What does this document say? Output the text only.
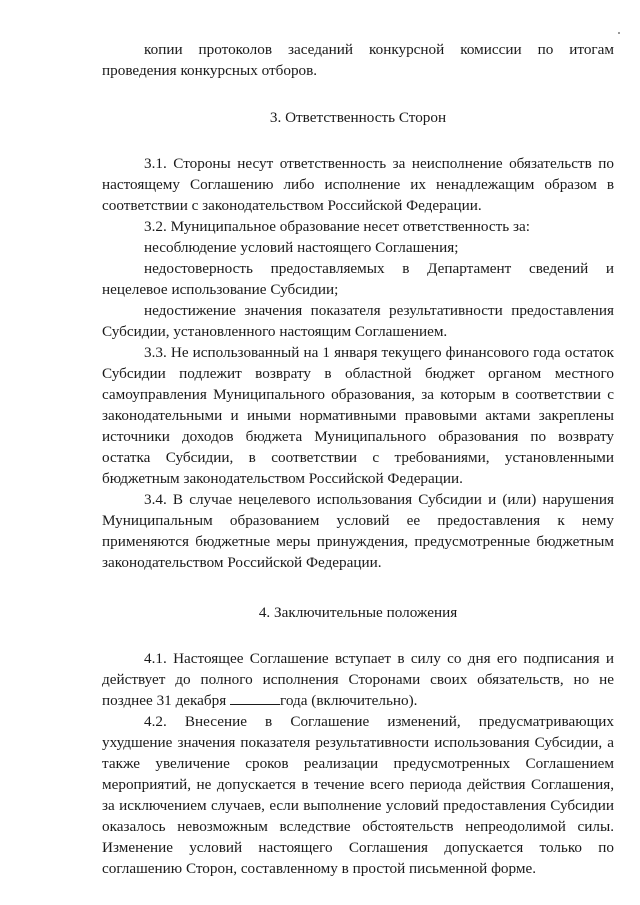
копии протоколов заседаний конкурсной комиссии по итогам проведения конкурсных отборов.

3. Ответственность Сторон

3.1. Стороны несут ответственность за неисполнение обязательств по настоящему Соглашению либо исполнение их ненадлежащим образом в соответствии с законодательством Российской Федерации.

3.2. Муниципальное образование несет ответственность за:

несоблюдение условий настоящего Соглашения;

недостоверность предоставляемых в Департамент сведений и нецелевое использование Субсидии;

недостижение значения показателя результативности предоставления Субсидии, установленного настоящим Соглашением.

3.3. Не использованный на 1 января текущего финансового года остаток Субсидии подлежит возврату в областной бюджет органом местного самоуправления Муниципального образования, за которым в соответствии с законодательными и иными нормативными правовыми актами закреплены источники доходов бюджета Муниципального образования по возврату остатка Субсидии, в соответствии с требованиями, установленными бюджетным законодательством Российской Федерации.

3.4. В случае нецелевого использования Субсидии и (или) нарушения Муниципальным образованием условий ее предоставления к нему применяются бюджетные меры принуждения, предусмотренные бюджетным законодательством Российской Федерации.

4. Заключительные положения

4.1. Настоящее Соглашение вступает в силу со дня его подписания и действует до полного исполнения Сторонами своих обязательств, но не позднее 31 декабря	года (включительно).

4.2. Внесение в Соглашение изменений, предусматривающих ухудшение значения показателя результативности использования Субсидии, а также увеличение сроков реализации предусмотренных Соглашением мероприятий, не допускается в течение всего периода действия Соглашения, за исключением случаев, если выполнение условий предоставления Субсидии оказалось невозможным вследствие обстоятельств непреодолимой силы. Изменение условий настоящего Соглашения допускается только по соглашению Сторон, составленному в простой письменной форме.
